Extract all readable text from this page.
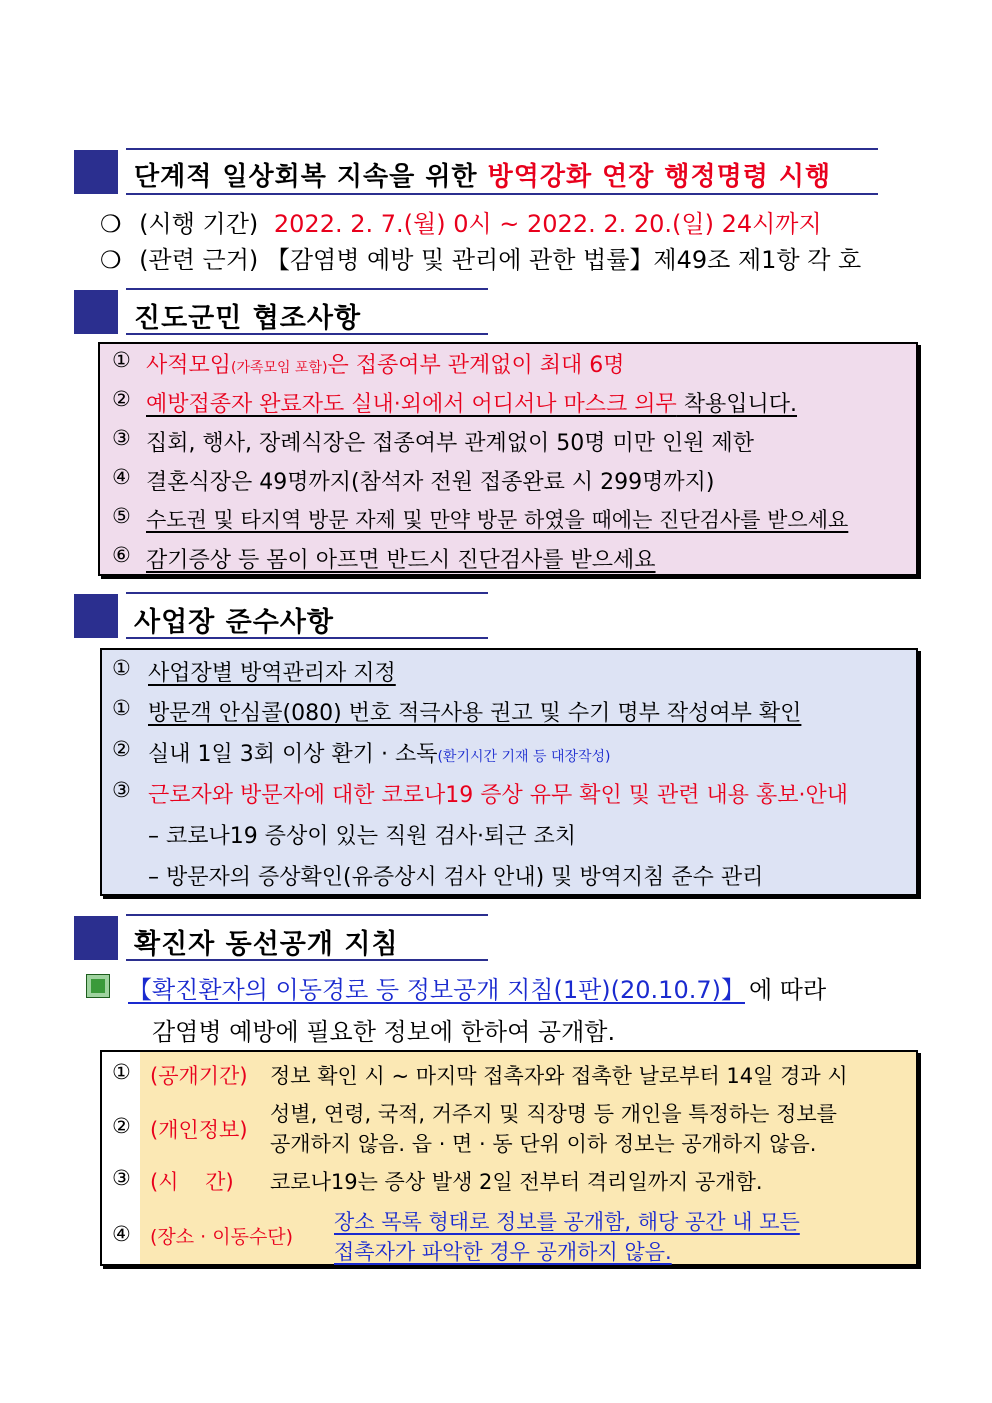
단계적 일상회복 지속을 위한 방역강화 연장 행정명령 시행
❍ (시행 기간) 2022. 2. 7.(월) 0시 ~ 2022. 2. 20.(일) 24시까지
❍ (관련 근거) 【감염병 예방 및 관리에 관한 법률】제49조 제1항 각 호
진도군민 협조사항
① 사적모임(가족모임 포함)은 접종여부 관계없이 최대 6명
② 예방접종자 완료자도 실내·외에서 어디서나 마스크 의무 착용입니다.
③ 집회, 행사, 장례식장은 접종여부 관계없이 50명 미만 인원 제한
④ 결혼식장은 49명까지(참석자 전원 접종완료 시 299명까지)
⑤ 수도권 및 타지역 방문 자제 및 만약 방문 하였을 때에는 진단검사를 받으세요
⑥ 감기증상 등 몸이 아프면 반드시 진단검사를 받으세요
사업장 준수사항
① 사업장별 방역관리자 지정
① 방문객 안심콜(080) 번호 적극사용 권고 및 수기 명부 작성여부 확인
② 실내 1일 3회 이상 환기 · 소독(환기시간 기재 등 대장작성)
③ 근로자와 방문자에 대한 코로나19 증상 유무 확인 및 관련 내용 홍보·안내
– 코로나19 증상이 있는 직원 검사·퇴근 조치
– 방문자의 증상확인(유증상시 검사 안내) 및 방역지침 준수 관리
확진자 동선공개 지침
【확진환자의 이동경로 등 정보공개 지침(1판)(20.10.7)】 에 따라
감염병 예방에 필요한 정보에 한하여 공개함.
① (공개기간) 정보 확인 시 ~ 마지막 접촉자와 접촉한 날로부터 14일 경과 시
② (개인정보)
성별, 연령, 국적, 거주지 및 직장명 등 개인을 특정하는 정보를
공개하지 않음. 읍 · 면 · 동 단위 이하 정보는 공개하지 않음.
③ (시    간) 코로나19는 증상 발생 2일 전부터 격리일까지 공개함.
④ (장소 · 이동수단)
장소 목록 형태로 정보를 공개함, 해당 공간 내 모든
접촉자가 파악한 경우 공개하지 않음.
